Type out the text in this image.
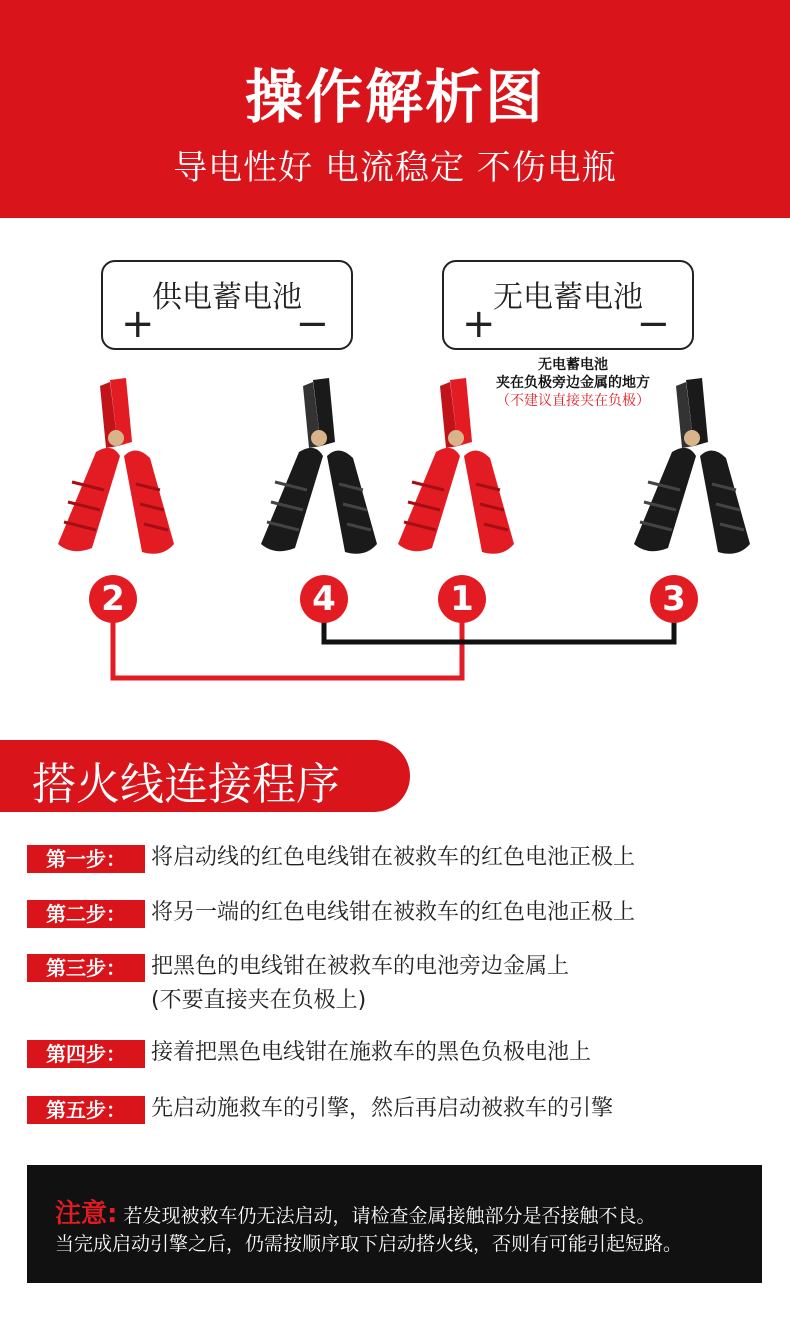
操作解析图
导电性好 电流稳定 不伤电瓶
供电蓄电池
+	−
无电蓄电池
+	−
无电蓄电池
夹在负极旁边金属的地方
（不建议直接夹在负极）
2	4	1	3
搭火线连接程序
第一步：	将启动线的红色电线钳在被救车的红色电池正极上
第二步：	将另一端的红色电线钳在被救车的红色电池正极上
第三步：	把黑色的电线钳在被救车的电池旁边金属上
(不要直接夹在负极上)
第四步：	接着把黑色电线钳在施救车的黑色负极电池上
第五步：	先启动施救车的引擎，然后再启动被救车的引擎
注意: 若发现被救车仍无法启动，请检查金属接触部分是否接触不良。
当完成启动引擎之后，仍需按顺序取下启动搭火线，否则有可能引起短路。
